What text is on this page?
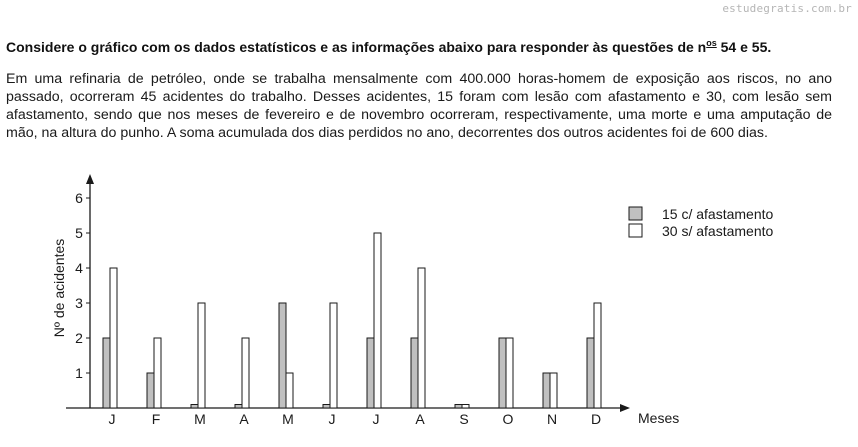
estudegratis.com.br
Considere o gráfico com os dados estatísticos e as informações abaixo para responder às questões de $n^{os}$ 54 e 55.
Em uma refinaria de petróleo, onde se trabalha mensalmente com 400.000 horas-homem de exposição aos riscos, no ano passado, ocorreram 45 acidentes do trabalho. Desses acidentes, 15 foram com lesão com afastamento e 30, com lesão sem afastamento, sendo que nos meses de fevereiro e de novembro ocorreram, respectivamente, uma morte e uma amputação de mão, na altura do punho. A soma acumulada dos dias perdidos no ano, decorrentes dos outros acidentes foi de 600 dias.
Meses
Nº de acidentes
1
2
3
4
5
6
J	F M A M J	J	A S O N D
15 c/ afastamento
30 s/ afastamento
